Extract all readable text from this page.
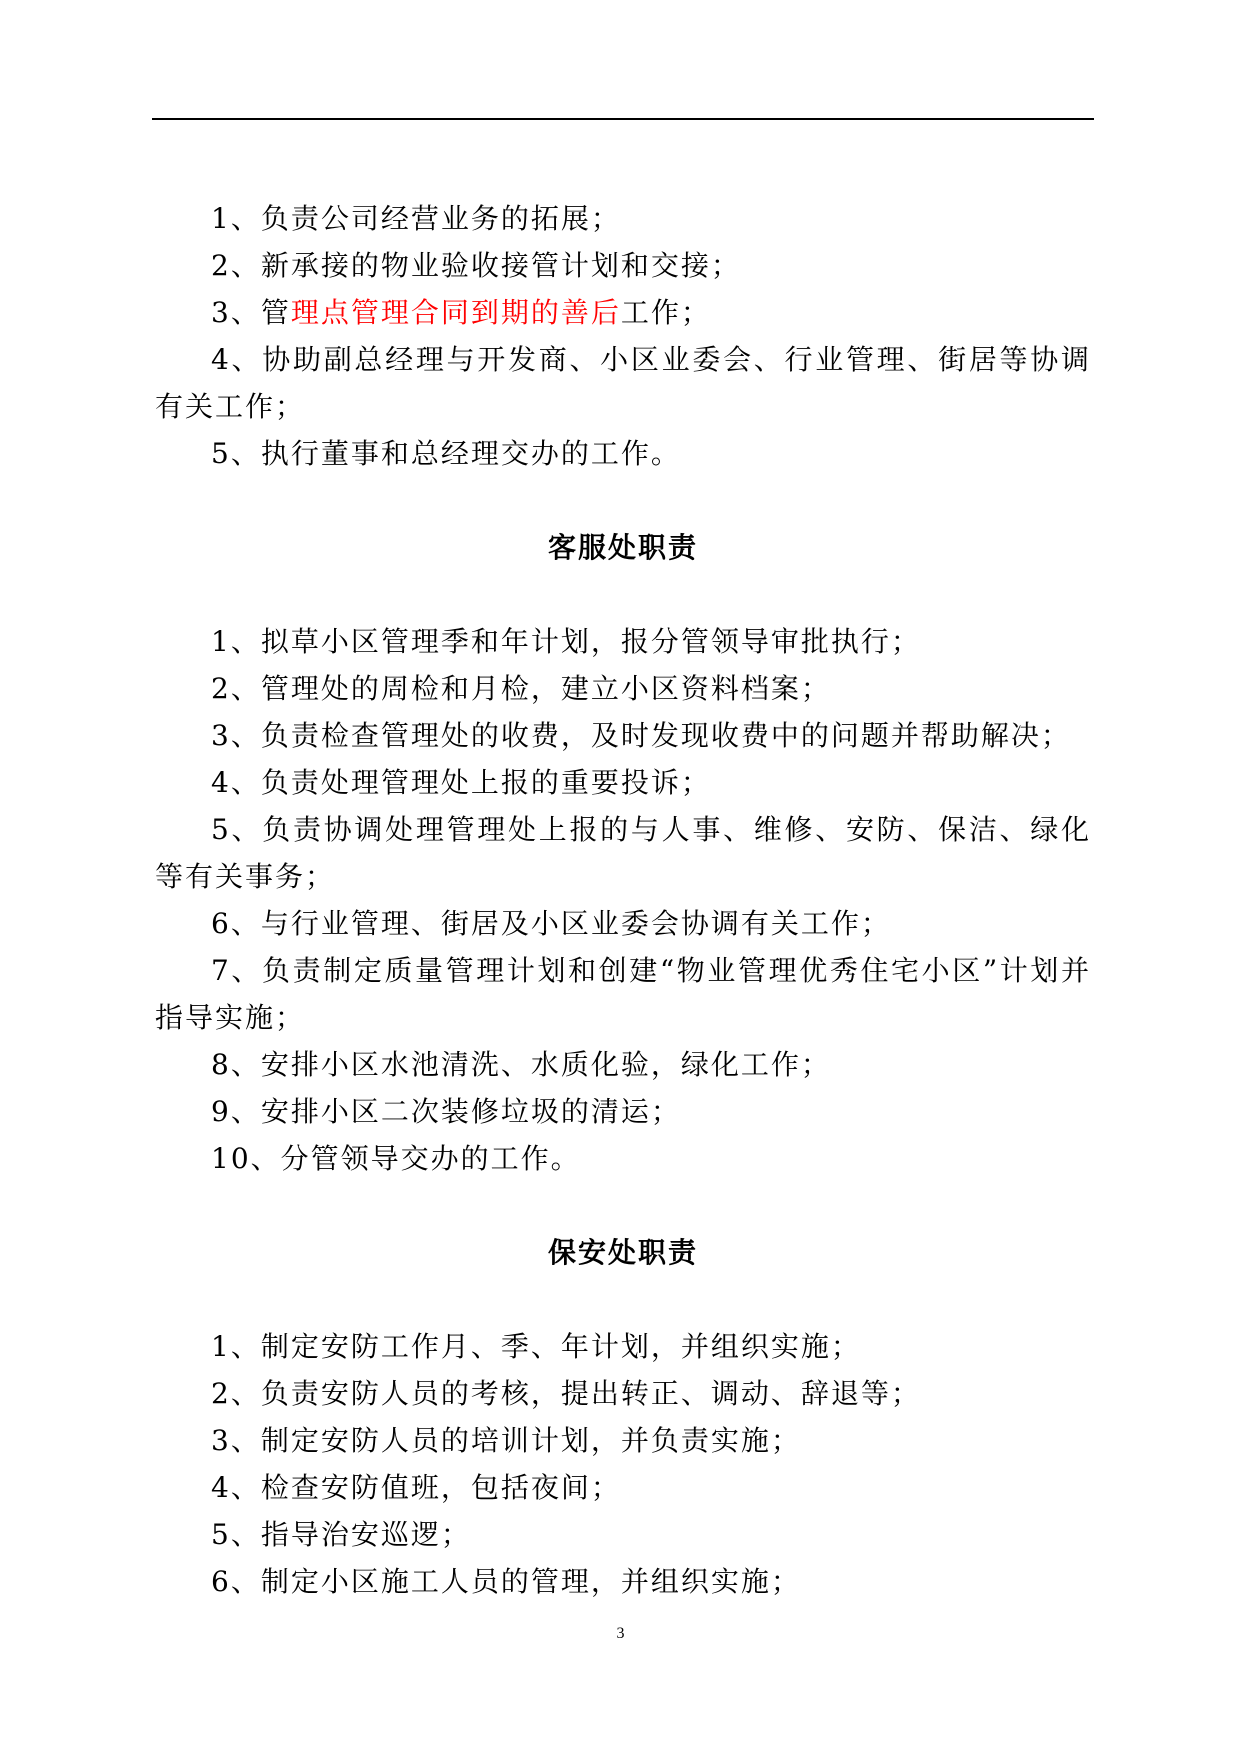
1、负责公司经营业务的拓展；

2、新承接的物业验收接管计划和交接；

3、管理点管理合同到期的善后工作；

4、协助副总经理与开发商、小区业委会、行业管理、街居等协调有关工作；

5、执行董事和总经理交办的工作。

客服处职责

1、拟草小区管理季和年计划，报分管领导审批执行；

2、管理处的周检和月检，建立小区资料档案；

3、负责检查管理处的收费，及时发现收费中的问题并帮助解决；

4、负责处理管理处上报的重要投诉；

5、负责协调处理管理处上报的与人事、维修、安防、保洁、绿化等有关事务；

6、与行业管理、街居及小区业委会协调有关工作；

7、负责制定质量管理计划和创建“物业管理优秀住宅小区”计划并指导实施；

8、安排小区水池清洗、水质化验，绿化工作；

9、安排小区二次装修垃圾的清运；

10、分管领导交办的工作。

保安处职责

1、制定安防工作月、季、年计划，并组织实施；

2、负责安防人员的考核，提出转正、调动、辞退等；

3、制定安防人员的培训计划，并负责实施；

4、检查安防值班，包括夜间；

5、指导治安巡逻；

6、制定小区施工人员的管理，并组织实施；

3
